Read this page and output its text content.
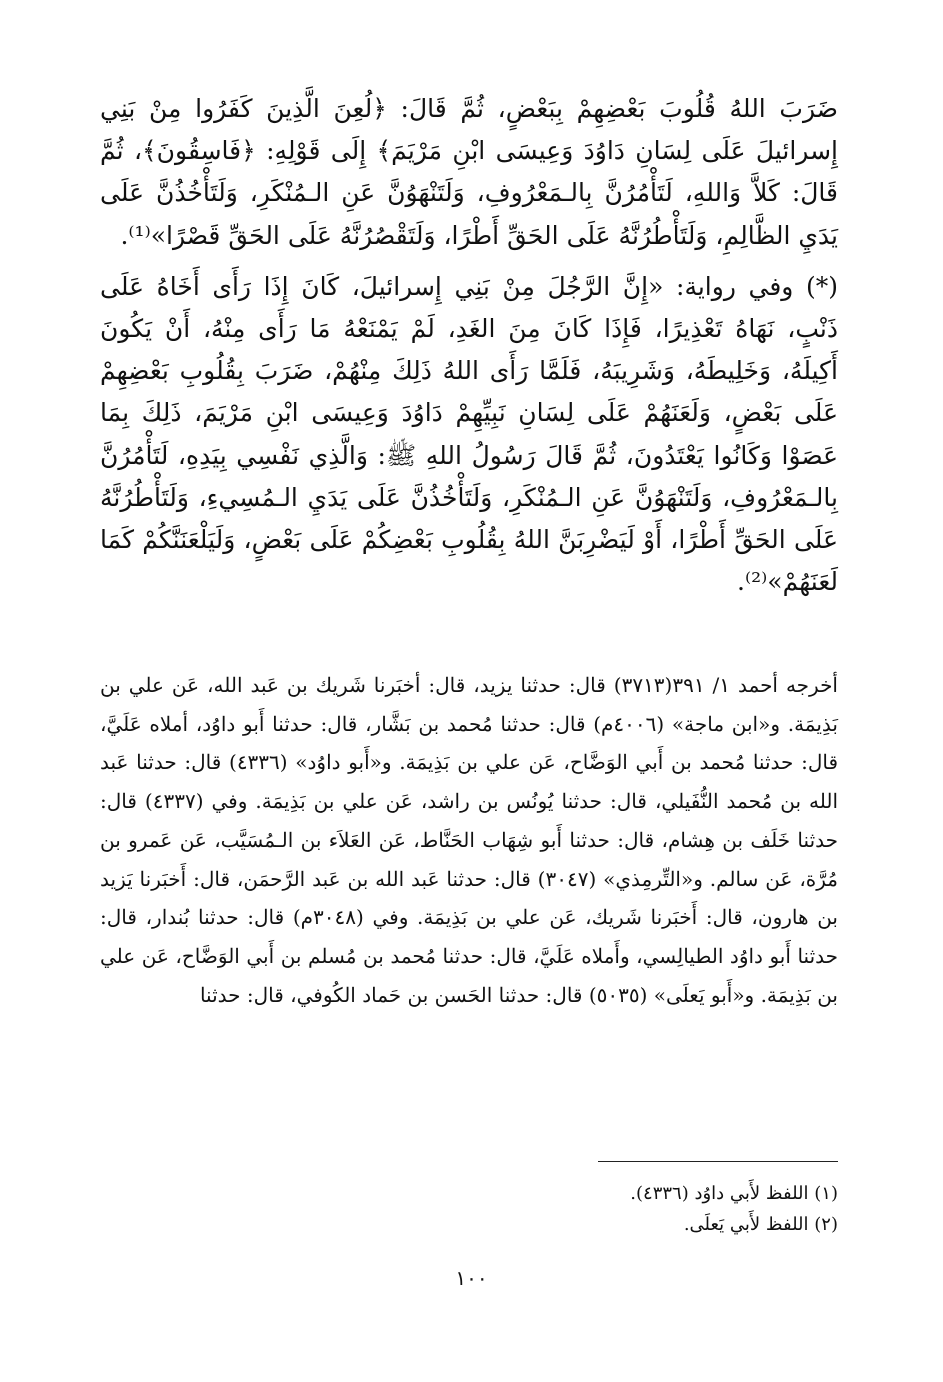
ضَرَبَ اللهُ قُلُوبَ بَعْضِهِمْ بِبَعْضٍ، ثُمَّ قَالَ: ﴿لُعِنَ الَّذِينَ كَفَرُوا مِنْ بَنِي إِسرائيلَ عَلَى لِسَانِ دَاوُدَ وَعِيسَى ابْنِ مَرْيَمَ﴾ إِلَى قَوْلِهِ: ﴿فَاسِقُونَ﴾، ثُمَّ قَالَ: كَلاَّ وَاللهِ، لَتَأْمُرُنَّ بِالـمَعْرُوفِ، وَلَتَنْهَوُنَّ عَنِ الـمُنْكَرِ، وَلَتَأْخُذُنَّ عَلَى يَدَيِ الظَّالِمِ، وَلَتَأْطُرُنَّهُ عَلَى الحَقِّ أَطْرًا، وَلَتَقْصُرُنَّهُ عَلَى الحَقِّ قَصْرًا»⁽¹⁾.

(*) وفي رواية: «إِنَّ الرَّجُلَ مِنْ بَنِي إِسرائيلَ، كَانَ إِذَا رَأَى أَخَاهُ عَلَى ذَنْبٍ، نَهَاهُ تَعْذِيرًا، فَإِذَا كَانَ مِنَ الغَدِ، لَمْ يَمْنَعْهُ مَا رَأَى مِنْهُ، أَنْ يَكُونَ أَكِيلَهُ، وَخَلِيطَهُ، وَشَرِيبَهُ، فَلَمَّا رَأَى اللهُ ذَلِكَ مِنْهُمْ، ضَرَبَ بِقُلُوبِ بَعْضِهِمْ عَلَى بَعْضٍ، وَلَعَنَهُمْ عَلَى لِسَانِ نَبِيِّهِمْ دَاوُدَ وَعِيسَى ابْنِ مَرْيَمَ، ذَلِكَ بِمَا عَصَوْا وَكَانُوا يَعْتَدُونَ، ثُمَّ قَالَ رَسُولُ اللهِ ﷺ: وَالَّذِي نَفْسِي بِيَدِهِ، لَتَأْمُرُنَّ بِالـمَعْرُوفِ، وَلَتَنْهَوُنَّ عَنِ الـمُنْكَرِ، وَلَتَأْخُذُنَّ عَلَى يَدَيِ الـمُسِيءِ، وَلَتَأْطُرُنَّهُ عَلَى الحَقِّ أَطْرًا، أَوْ لَيَضْرِبَنَّ اللهُ بِقُلُوبِ بَعْضِكُمْ عَلَى بَعْضٍ، وَلَيَلْعَنَنَّكُمْ كَمَا لَعَنَهُمْ»⁽²⁾.

أخرجه أحمد ١/ ٣٩١(٣٧١٣) قال: حدثنا يزيد، قال: أخبَرنا شَريك بن عَبد الله، عَن علي بن بَذِيمَة. و«ابن ماجة» (٤٠٠٦م) قال: حدثنا مُحمد بن بَشَّار، قال: حدثنا أَبو داوُد، أملاه عَلَيَّ، قال: حدثنا مُحمد بن أَبي الوَضَّاح، عَن علي بن بَذِيمَة. و«أَبو داوُد» (٤٣٣٦) قال: حدثنا عَبد الله بن مُحمد النُّفَيلي، قال: حدثنا يُونُس بن راشد، عَن علي بن بَذِيمَة. وفي (٤٣٣٧) قال: حدثنا خَلَف بن هِشام، قال: حدثنا أَبو شِهَاب الحَنَّاط، عَن العَلاَء بن الـمُسَيَّب، عَن عَمرو بن مُرَّة، عَن سالم. و«التِّرمِذي» (٣٠٤٧) قال: حدثنا عَبد الله بن عَبد الرَّحمَن، قال: أَخبَرنا يَزيد بن هارون، قال: أَخبَرنا شَريك، عَن علي بن بَذِيمَة. وفي (٣٠٤٨م) قال: حدثنا بُندار، قال: حدثنا أَبو داوُد الطيالِسي، وأَملاه عَلَيَّ، قال: حدثنا مُحمد بن مُسلم بن أَبي الوَضَّاح، عَن علي بن بَذِيمَة. و«أَبو يَعلَى» (٥٠٣٥) قال: حدثنا الحَسن بن حَماد الكُوفي، قال: حدثنا

(١) اللفظ لأَبي داوُد (٤٣٣٦).

(٢) اللفظ لأَبي يَعلَى.

١٠٠
